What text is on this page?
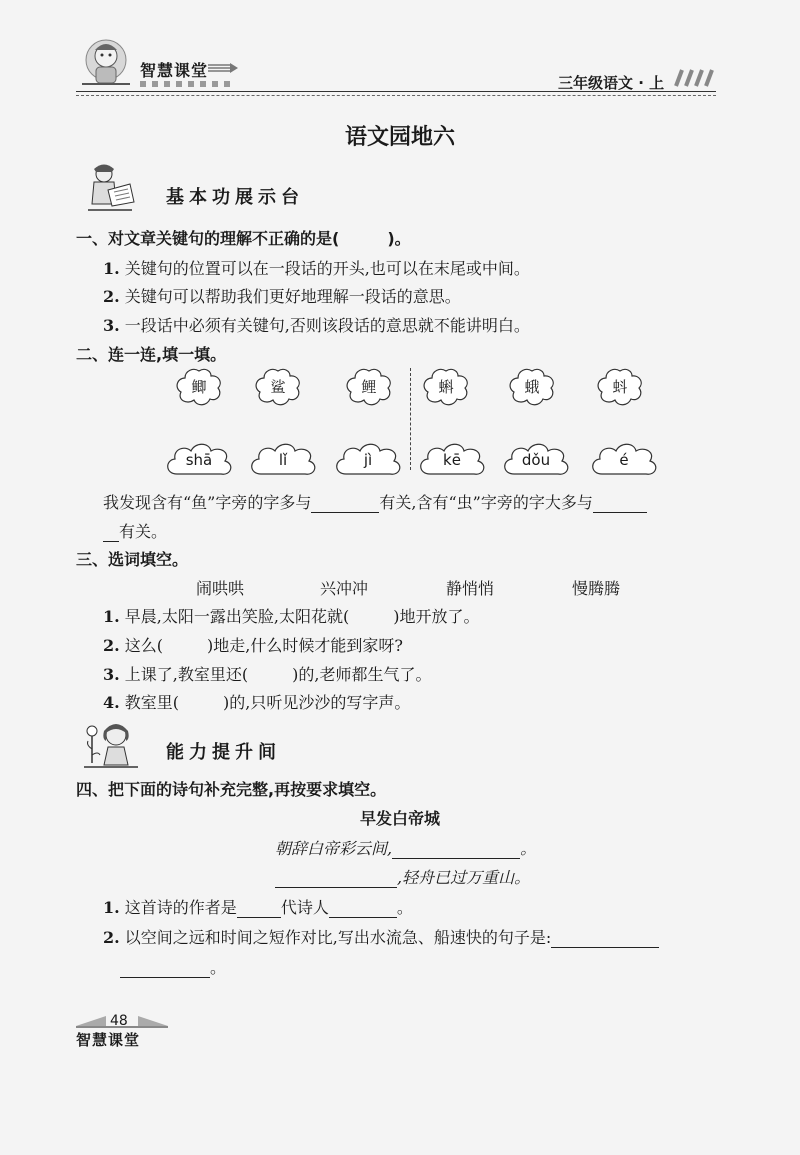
智慧课堂
三年级语文 · 上
语文园地六
基本功展示台
一、对文章关键句的理解不正确的是(	)。
1. 关键句的位置可以在一段话的开头,也可以在末尾或中间。
2. 关键句可以帮助我们更好地理解一段话的意思。
3. 一段话中必须有关键句,否则该段话的意思就不能讲明白。
二、连一连,填一填。
鲫	鲨	鲤	蝌	蛾	蚪
shā	lǐ	jì	kē	dǒu	é
我发现含有“鱼”字旁的字多与	有关,含有“虫”字旁的字大多与
有关。
三、选词填空。
闹哄哄	兴冲冲	静悄悄	慢腾腾
1. 早晨,太阳一露出笑脸,太阳花就(	)地开放了。
2. 这么(	)地走,什么时候才能到家呀?
3. 上课了,教室里还(	)的,老师都生气了。
4. 教室里(	)的,只听见沙沙的写字声。
能力提升间
四、把下面的诗句补充完整,再按要求填空。
早发白帝城
朝辞白帝彩云间,	。
,轻舟已过万重山。
1. 这首诗的作者是	代诗人	。
2. 以空间之远和时间之短作对比,写出水流急、船速快的句子是:
。
48
智慧课堂
